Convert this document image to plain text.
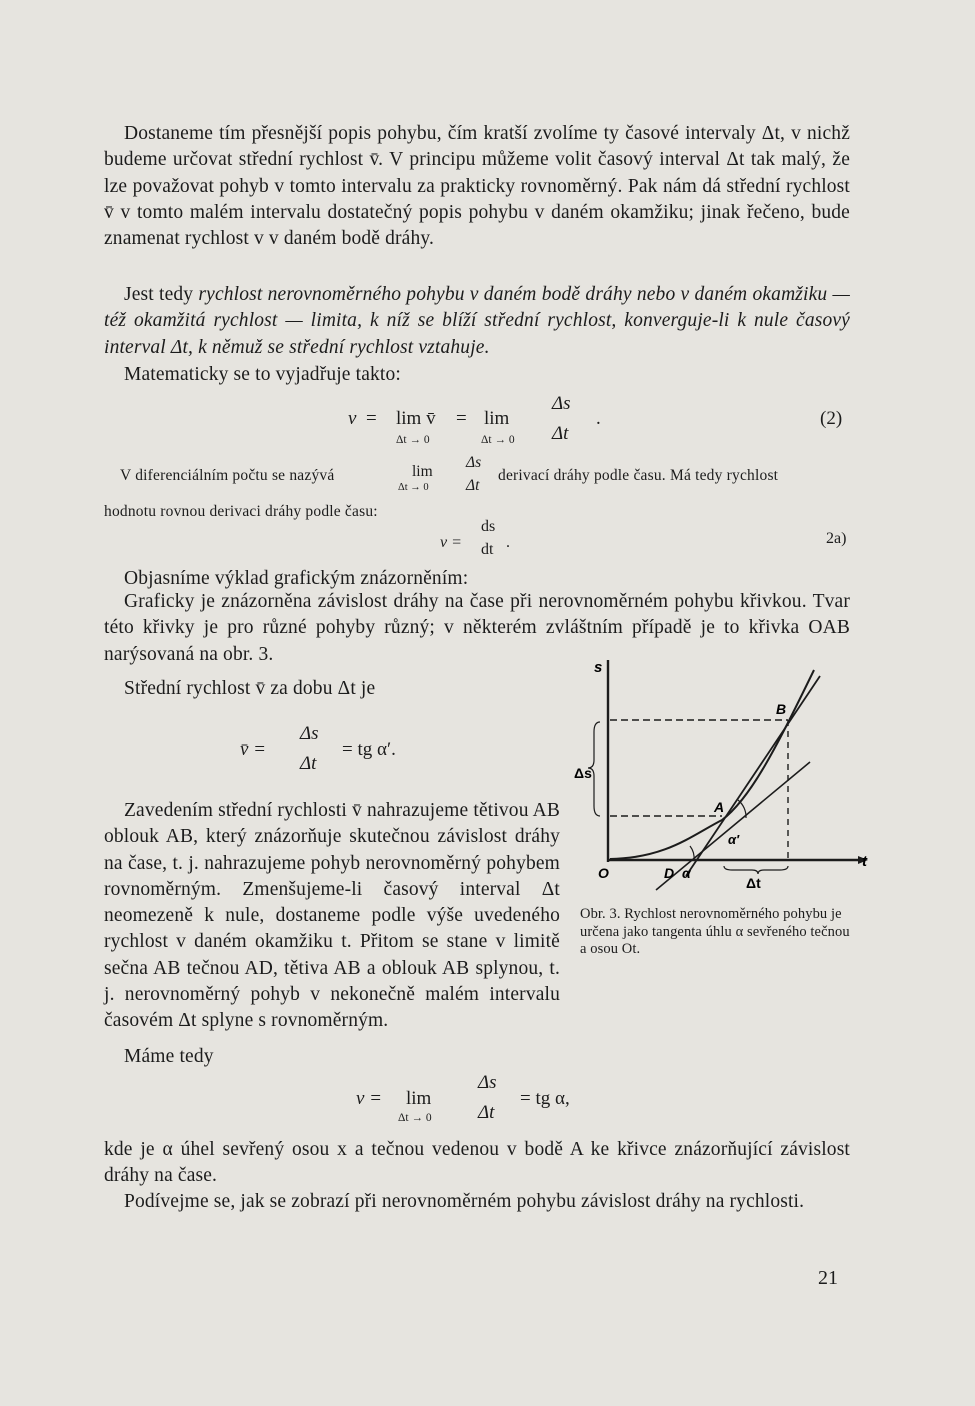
Dostaneme tím přesnější popis pohybu, čím kratší zvolíme ty časové intervaly Δt, v nichž budeme určovat střední rychlost v̄. V principu můžeme volit časový interval Δt tak malý, že lze považovat pohyb v tomto intervalu za prakticky rovnoměrný. Pak nám dá střední rychlost v̄ v tomto malém intervalu dostatečný popis pohybu v daném okamžiku; jinak řečeno, bude znamenat rychlost v v daném bodě dráhy.
Jest tedy rychlost nerovnoměrného pohybu v daném bodě dráhy nebo v daném okamžiku — též okamžitá rychlost — limita, k níž se blíží střední rychlost, konverguje-li k nule časový interval Δt, k němuž se střední rychlost vztahuje.
Matematicky se to vyjadřuje takto:
v = lim v̄
Δt → 0
= lim
Δt → 0
Δs
Δt
.	(2)
V diferenciálním počtu se nazývá	lim
Δt → 0
Δs
Δt
derivací dráhy podle času. Má tedy rychlost
hodnotu rovnou derivaci dráhy podle času:
v =
ds
dt .	2a)
Objasníme výklad grafickým znázorněním:
Graficky je znázorněna závislost dráhy na čase při nerovnoměrném pohybu křivkou. Tvar této křivky je pro různé pohyby různý; v některém zvláštním případě je to křivka OAB narýsovaná na obr. 3.
Střední rychlost v̄ za dobu Δt je
v̄ =
Δs
Δt
= tg α′.
Zavedením střední rychlosti v̄ nahrazujeme tětivou AB oblouk AB, který znázorňuje skutečnou závislost dráhy na čase, t. j. nahrazujeme pohyb nerovnoměrný pohybem rovnoměrným. Zmenšujeme-li časový interval Δt neomezeně k nule, dostaneme podle výše uvedeného rychlost v daném okamžiku t. Přitom se stane v limitě sečna AB tečnou AD, tětiva AB a oblouk AB splynou, t. j. nerovnoměrný pohyb v nekonečně malém intervalu časovém Δt splyne s rovnoměrným.
s
t
O
A
B
D α
α′
Δs
Δt
Obr. 3. Rychlost nerovnoměrného pohybu je určena jako tangenta úhlu α sevřeného tečnou a osou Ot.
Máme tedy
v = lim
Δt → 0
Δs
Δt
= tg α,
kde je α úhel sevřený osou x a tečnou vedenou v bodě A ke křivce znázorňující závislost dráhy na čase.
Podívejme se, jak se zobrazí při nerovnoměrném pohybu závislost dráhy na rychlosti.
21
